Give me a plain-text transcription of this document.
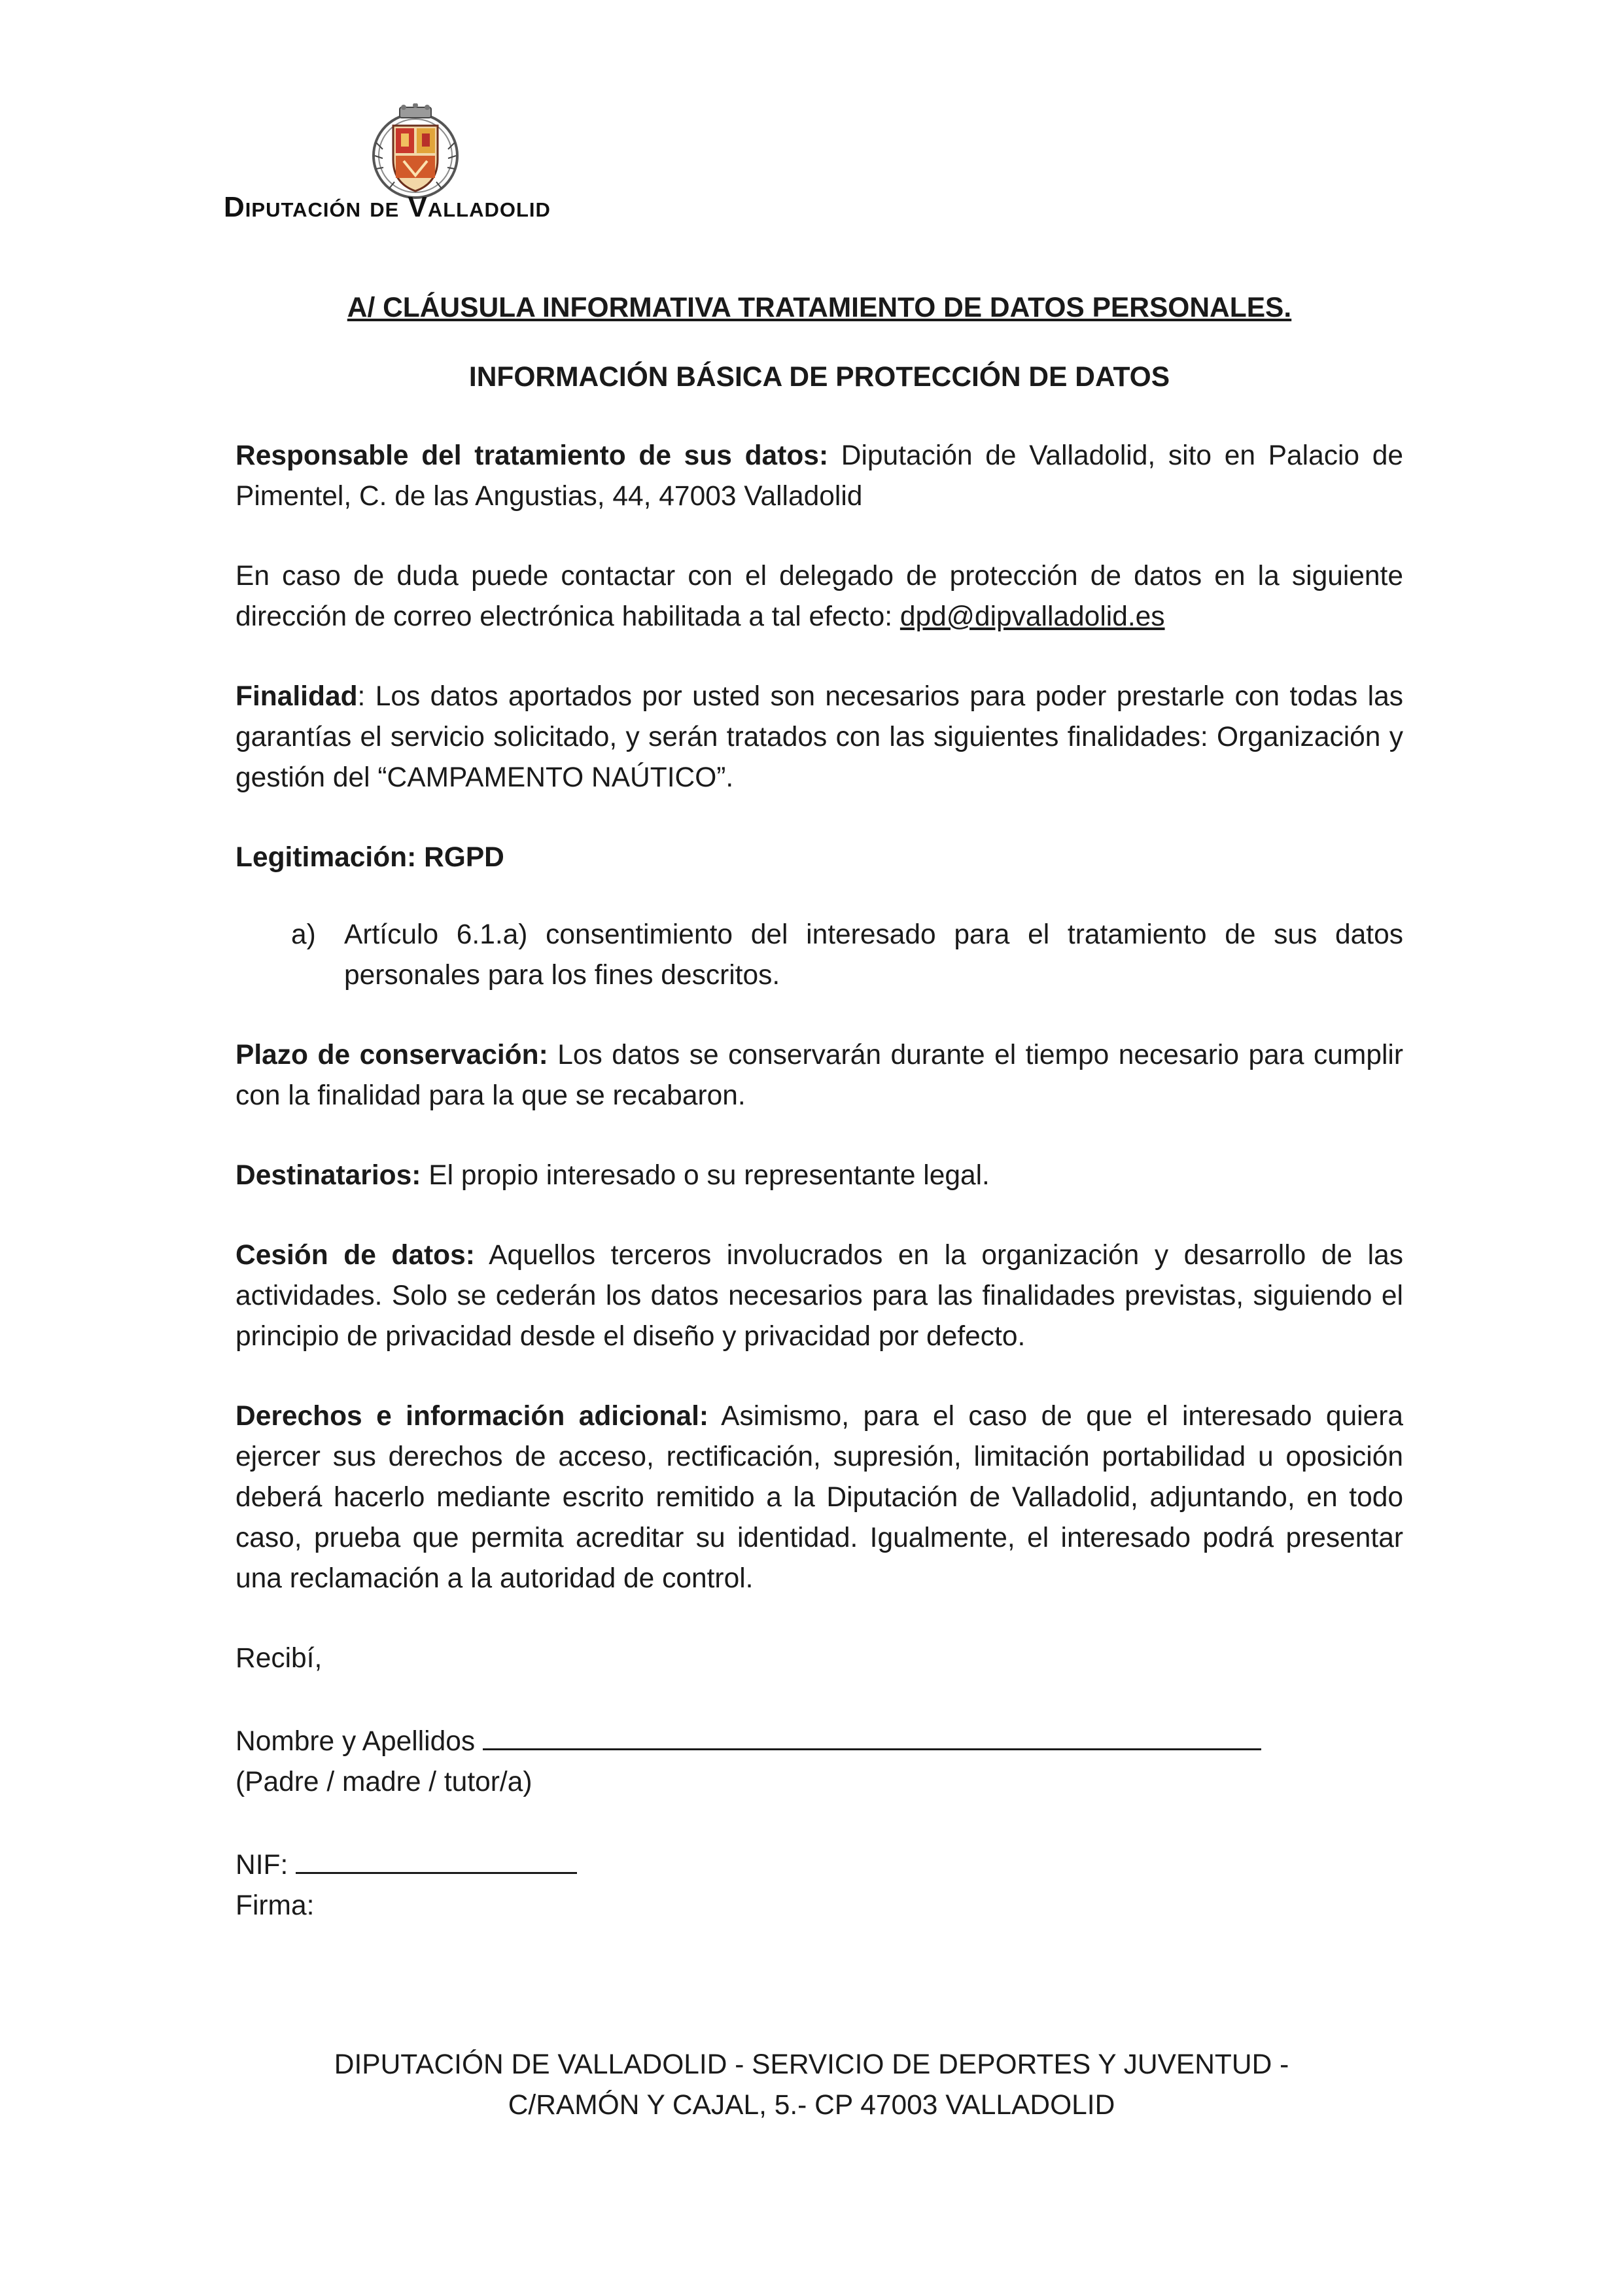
Diputación de Valladolid
A/ CLÁUSULA INFORMATIVA TRATAMIENTO DE DATOS PERSONALES.
INFORMACIÓN BÁSICA DE PROTECCIÓN DE DATOS

Responsable del tratamiento de sus datos: Diputación de Valladolid, sito en Palacio de Pimentel, C. de las Angustias, 44, 47003 Valladolid

En caso de duda puede contactar con el delegado de protección de datos en la siguiente dirección de correo electrónica habilitada a tal efecto: dpd@dipvalladolid.es

Finalidad: Los datos aportados por usted son necesarios para poder prestarle con todas las garantías el servicio solicitado, y serán tratados con las siguientes finalidades: Organización y gestión del “CAMPAMENTO NAÚTICO”.

Legitimación: RGPD

a)	Artículo 6.1.a) consentimiento del interesado para el tratamiento de sus datos personales para los fines descritos.

Plazo de conservación: Los datos se conservarán durante el tiempo necesario para cumplir con la finalidad para la que se recabaron.

Destinatarios: El propio interesado o su representante legal.

Cesión de datos: Aquellos terceros involucrados en la organización y desarrollo de las actividades. Solo se cederán los datos necesarios para las finalidades previstas, siguiendo el principio de privacidad desde el diseño y privacidad por defecto.

Derechos e información adicional: Asimismo, para el caso de que el interesado quiera ejercer sus derechos de acceso, rectificación, supresión, limitación portabilidad u oposición deberá hacerlo mediante escrito remitido a la Diputación de Valladolid, adjuntando, en todo caso, prueba que permita acreditar su identidad. Igualmente, el interesado podrá presentar una reclamación a la autoridad de control.

Recibí,

Nombre y Apellidos

(Padre / madre / tutor/a)

NIF:

Firma:

DIPUTACIÓN DE VALLADOLID - SERVICIO DE DEPORTES Y JUVENTUD -
C/RAMÓN Y CAJAL, 5.- CP 47003 VALLADOLID
